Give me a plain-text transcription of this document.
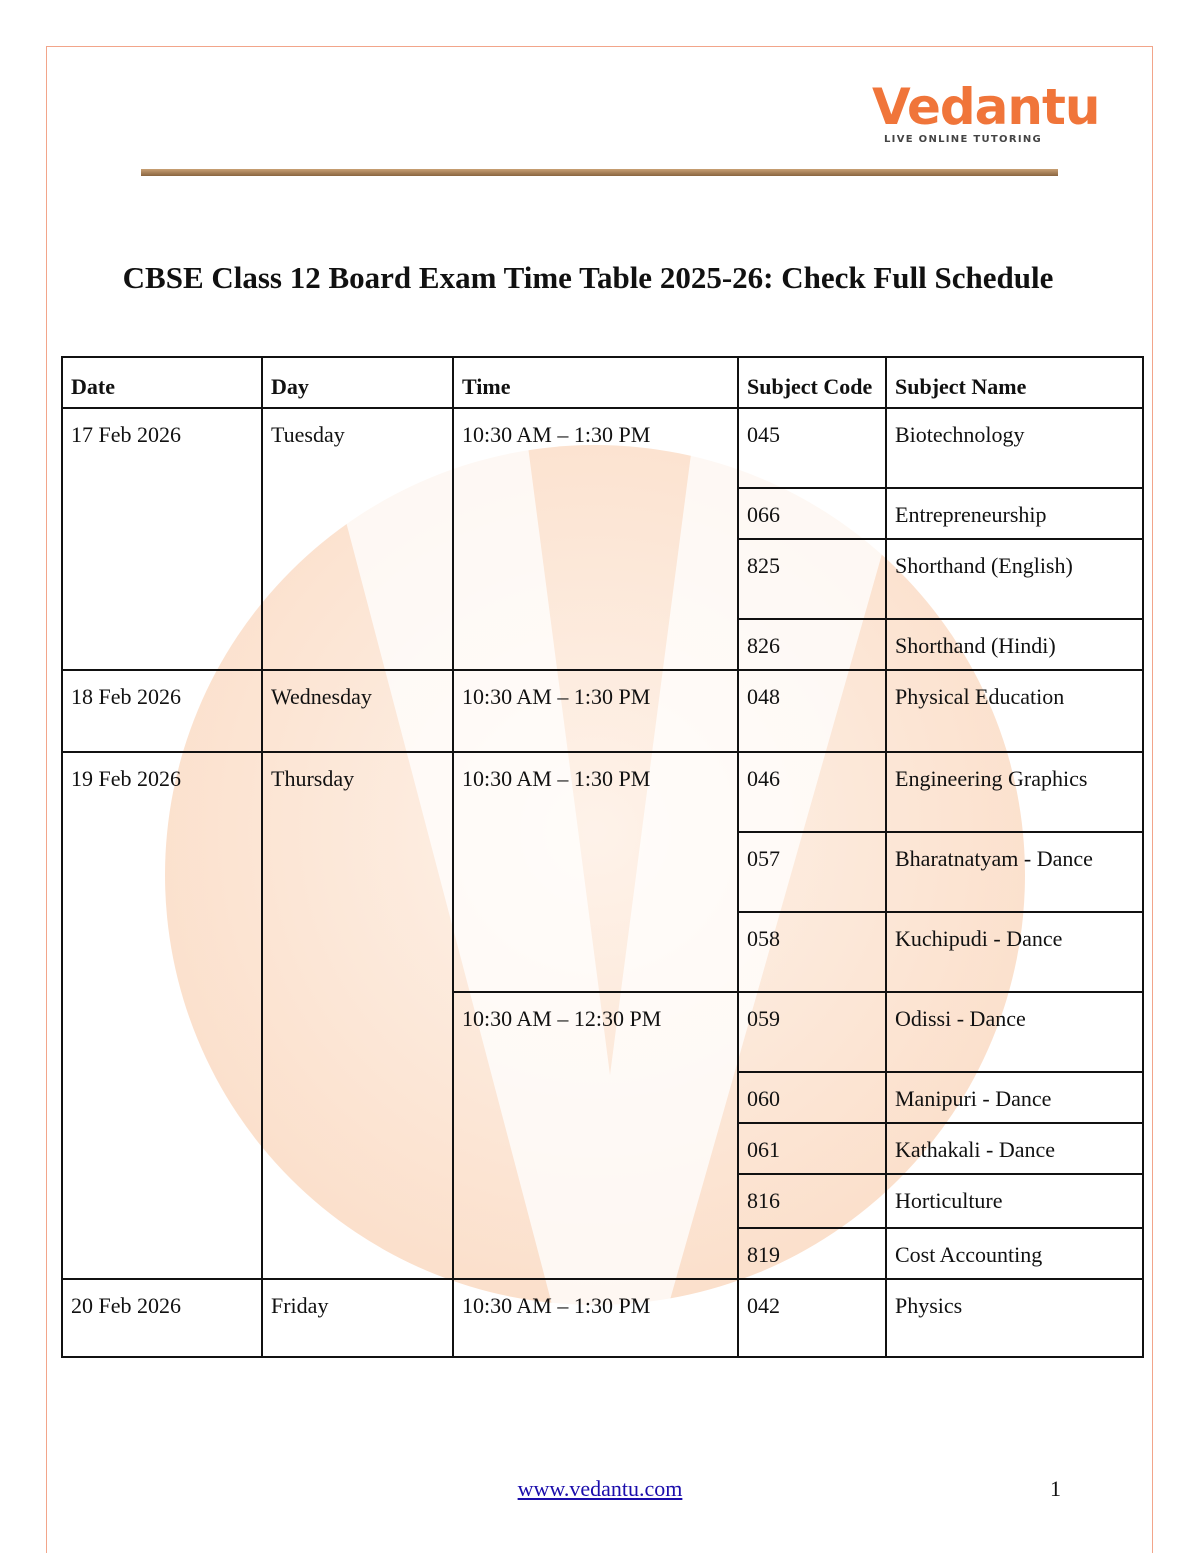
Vedantu
LIVE ONLINE TUTORING
CBSE Class 12 Board Exam Time Table 2025-26: Check Full Schedule
Date	Day	Time	Subject Code	Subject Name
17 Feb 2026	Tuesday	10:30 AM – 1:30 PM	045	Biotechnology
			066	Entrepreneurship
			825	Shorthand (English)
			826	Shorthand (Hindi)
18 Feb 2026	Wednesday	10:30 AM – 1:30 PM	048	Physical Education
19 Feb 2026	Thursday	10:30 AM – 1:30 PM	046	Engineering Graphics
			057	Bharatnatyam - Dance
			058	Kuchipudi - Dance
		10:30 AM – 12:30 PM	059	Odissi - Dance
			060	Manipuri - Dance
			061	Kathakali - Dance
			816	Horticulture
			819	Cost Accounting
20 Feb 2026	Friday	10:30 AM – 1:30 PM	042	Physics
www.vedantu.com	1
